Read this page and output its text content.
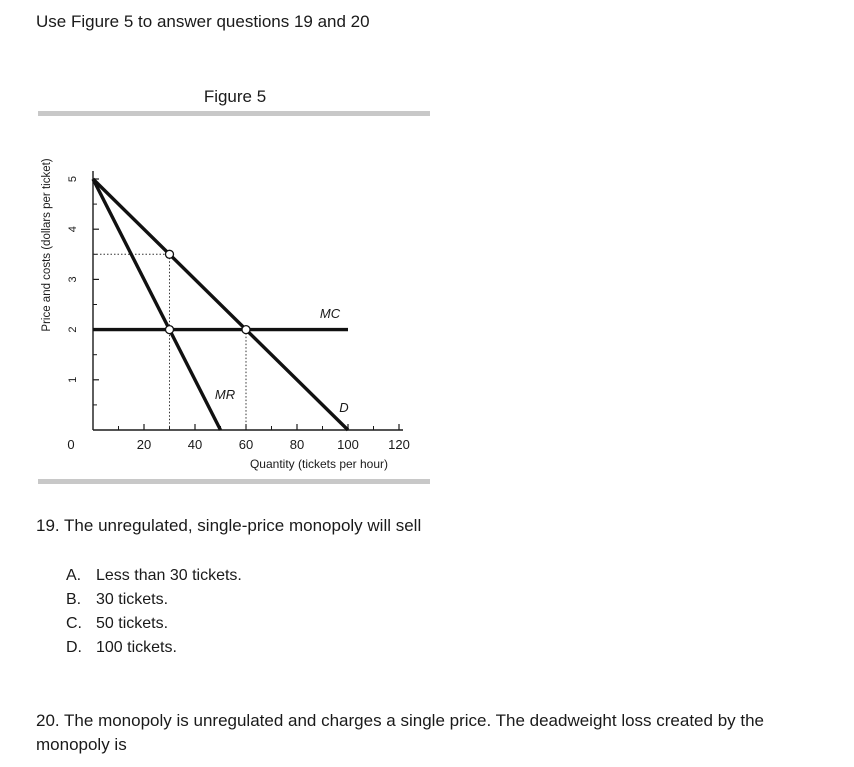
Use Figure 5 to answer questions 19 and 20
Figure 5
1
2
3
4
5
0	20	40	60	80	100 120
Quantity (tickets per hour)
Price and costs (dollars per ticket)
D
MR
MC
19. The unregulated, single-price monopoly will sell
A. Less than 30 tickets.
B. 30 tickets.
C. 50 tickets.
D. 100 tickets.
20. The monopoly is unregulated and charges a single price. The deadweight loss created by the monopoly is
